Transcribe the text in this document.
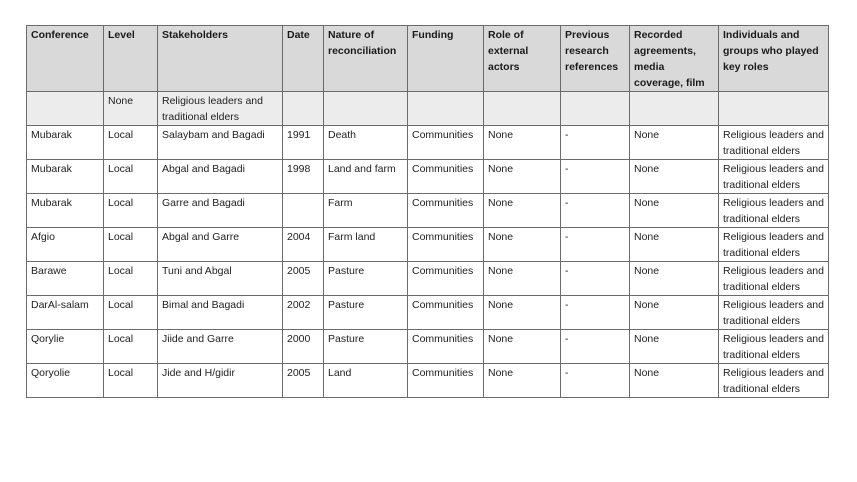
Conference	Level	Stakeholders	Date	Nature of reconciliation	Funding	Role of external actors	Previous research references	Recorded agreements, media coverage, film	Individuals and groups who played key roles
	None	Religious leaders and traditional elders							
Mubarak	Local	Salaybam and Bagadi	1991	Death	Communities	None	-	None	Religious leaders and traditional elders
Mubarak	Local	Abgal and Bagadi	1998	Land and farm	Communities	None	-	None	Religious leaders and traditional elders
Mubarak	Local	Garre and Bagadi		Farm	Communities	None	-	None	Religious leaders and traditional elders
Afgio	Local	Abgal and Garre	2004	Farm land	Communities	None	-	None	Religious leaders and traditional elders
Barawe	Local	Tuni and Abgal	2005	Pasture	Communities	None	-	None	Religious leaders and traditional elders
DarAl-salam	Local	Bimal and Bagadi	2002	Pasture	Communities	None	-	None	Religious leaders and traditional elders
Qorylie	Local	Jiide and Garre	2000	Pasture	Communities	None	-	None	Religious leaders and traditional elders
Qoryolie	Local	Jide and H/gidir	2005	Land	Communities	None	-	None	Religious leaders and traditional elders
